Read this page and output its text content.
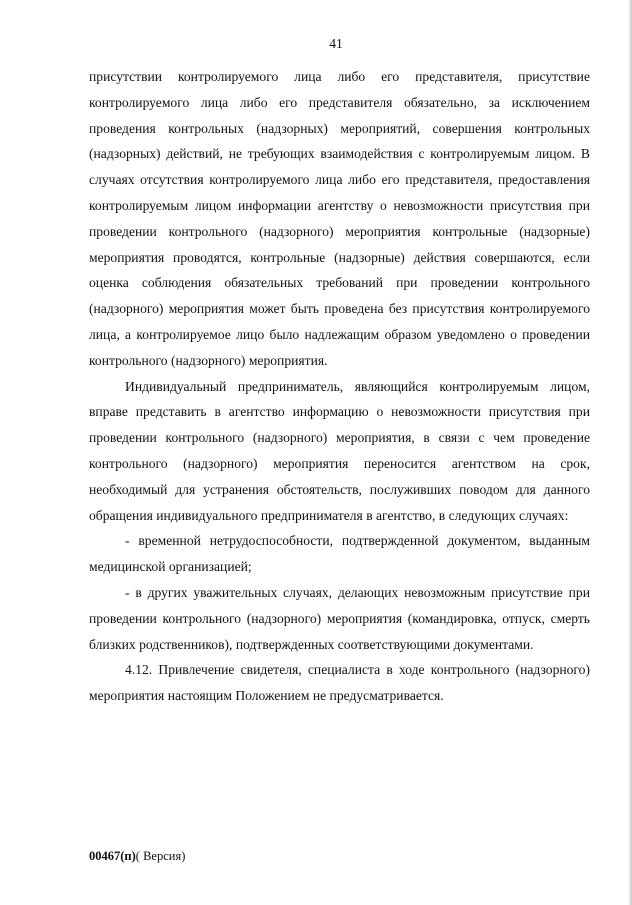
41

присутствии контролируемого лица либо его представителя, присутствие контролируемого лица либо его представителя обязательно, за исключением проведения контрольных (надзорных) мероприятий, совершения контрольных (надзорных) действий, не требующих взаимодействия с контролируемым лицом. В случаях отсутствия контролируемого лица либо его представителя, предоставления контролируемым лицом информации агентству о невозможности присутствия при проведении контрольного (надзорного) мероприятия контрольные (надзорные) мероприятия проводятся, контрольные (надзорные) действия совершаются, если оценка соблюдения обязательных требований при проведении контрольного (надзорного) мероприятия может быть проведена без присутствия контролируемого лица, а контролируемое лицо было надлежащим образом уведомлено о проведении контрольного (надзорного) мероприятия.

Индивидуальный предприниматель, являющийся контролируемым лицом, вправе представить в агентство информацию о невозможности присутствия при проведении контрольного (надзорного) мероприятия, в связи с чем проведение контрольного (надзорного) мероприятия переносится агентством на срок, необходимый для устранения обстоятельств, послуживших поводом для данного обращения индивидуального предпринимателя в агентство, в следующих случаях:

- временной нетрудоспособности, подтвержденной документом, выданным медицинской организацией;

- в других уважительных случаях, делающих невозможным присутствие при проведении контрольного (надзорного) мероприятия (командировка, отпуск, смерть близких родственников), подтвержденных соответствующими документами.

4.12. Привлечение свидетеля, специалиста в ходе контрольного (надзорного) мероприятия настоящим Положением не предусматривается.

00467(п)( Версия)
